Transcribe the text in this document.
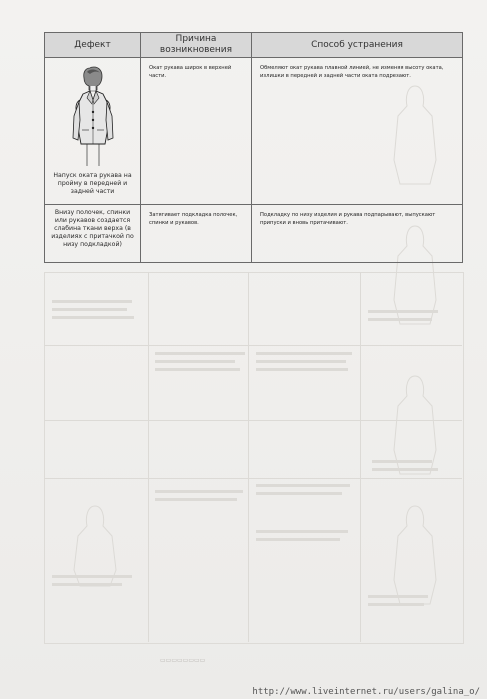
▭▭▭▭▭▭▭▭
Дефект	Причина возникновения	Способ устранения

Напуск оката рукава на пройму в передней и задней части	Окат рукава широк в верхней части.	Обмеляют окат рукава плавной линией, не изменяя высоту оката, излишки в передней и задней части оката подрезают.

Внизу полочек, спинки или рукавов создается слабина ткани верха (в изделиях с притачкой по низу подкладкой)	Затягивает подкладка полочек, спинки и рукавов.	Подкладку по низу изделия и рукава подпарывают, выпускают припуски и вновь притачивают.
http://www.liveinternet.ru/users/galina_o/
